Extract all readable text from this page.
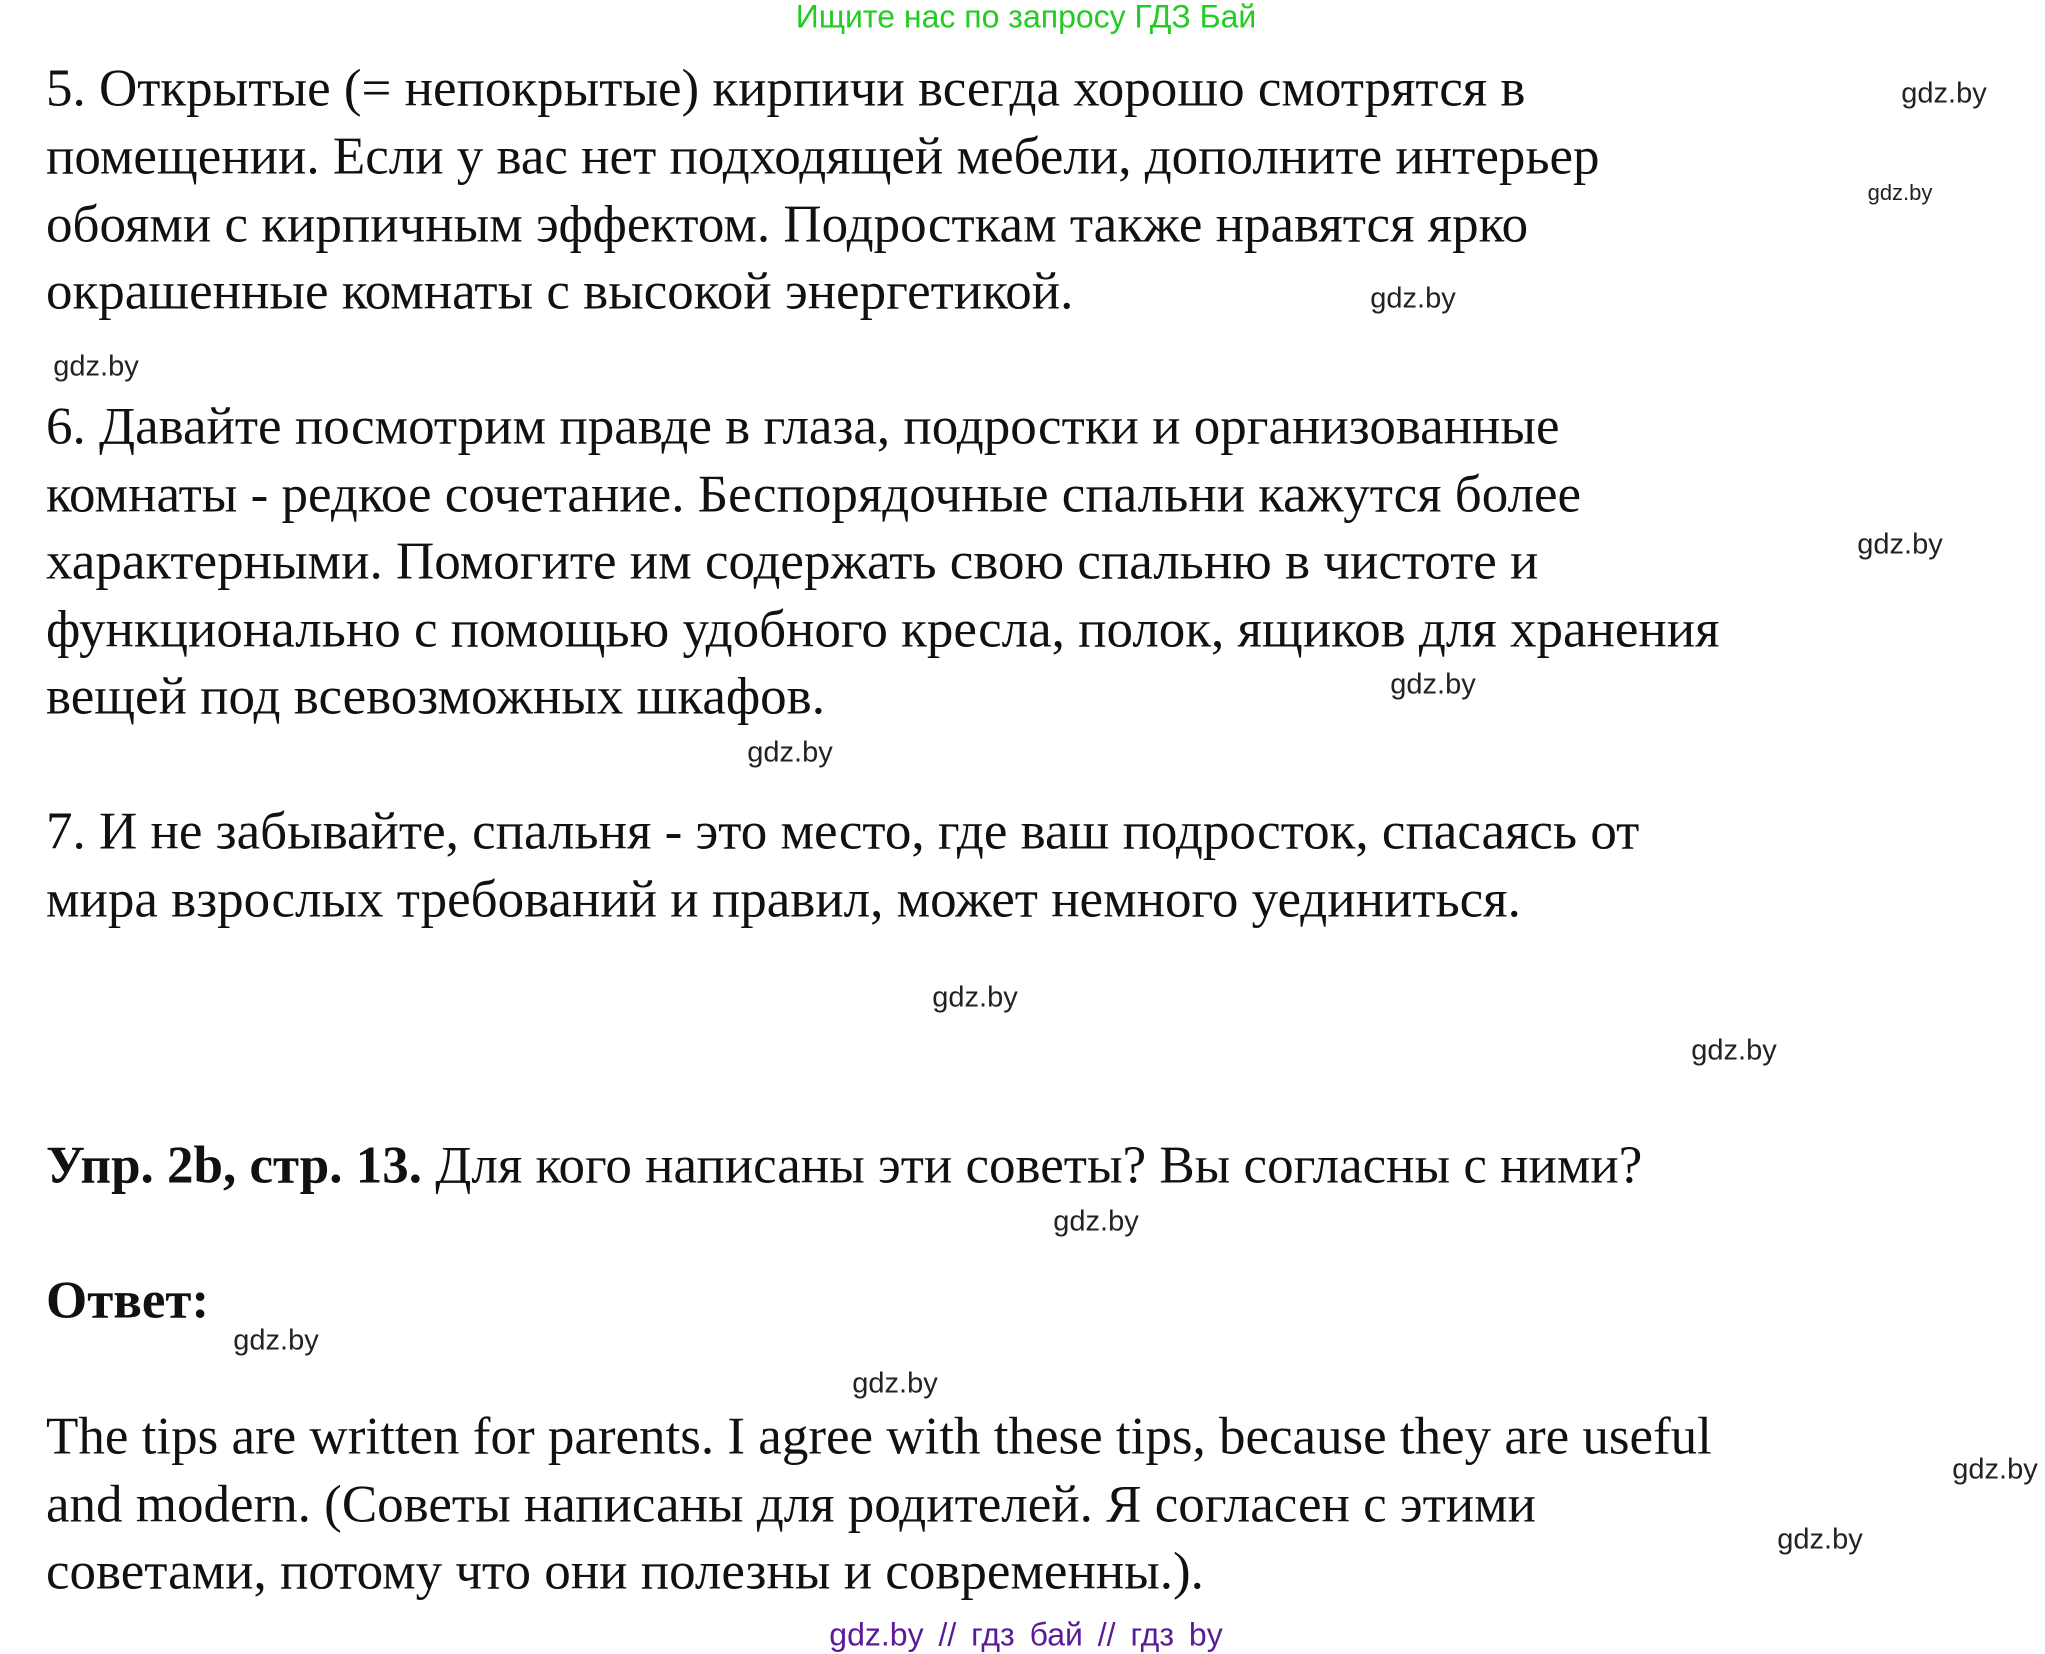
Ищите нас по запросу ГДЗ Бай
5. Открытые (= непокрытые) кирпичи всегда хорошо смотрятся в
помещении. Если у вас нет подходящей мебели, дополните интерьер
обоями с кирпичным эффектом. Подросткам также нравятся ярко
окрашенные комнаты с высокой энергетикой.
6. Давайте посмотрим правде в глаза, подростки и организованные
комнаты - редкое сочетание. Беспорядочные спальни кажутся более
характерными. Помогите им содержать свою спальню в чистоте и
функционально с помощью удобного кресла, полок, ящиков для хранения
вещей под всевозможных шкафов.
7. И не забывайте, спальня - это место, где ваш подросток, спасаясь от
мира взрослых требований и правил, может немного уединиться.
Упр. 2b, стр. 13. Для кого написаны эти советы? Вы согласны с ними?
Ответ:
The tips are written for parents. I agree with these tips, because they are useful
and modern. (Советы написаны для родителей. Я согласен с этими
советами, потому что они полезны и современны.).
gdz.by
gdz.by
gdz.by
gdz.by
gdz.by
gdz.by
gdz.by
gdz.by
gdz.by
gdz.by
gdz.by
gdz.by
gdz.by
gdz.by
gdz.by // гдз бай // гдз by
